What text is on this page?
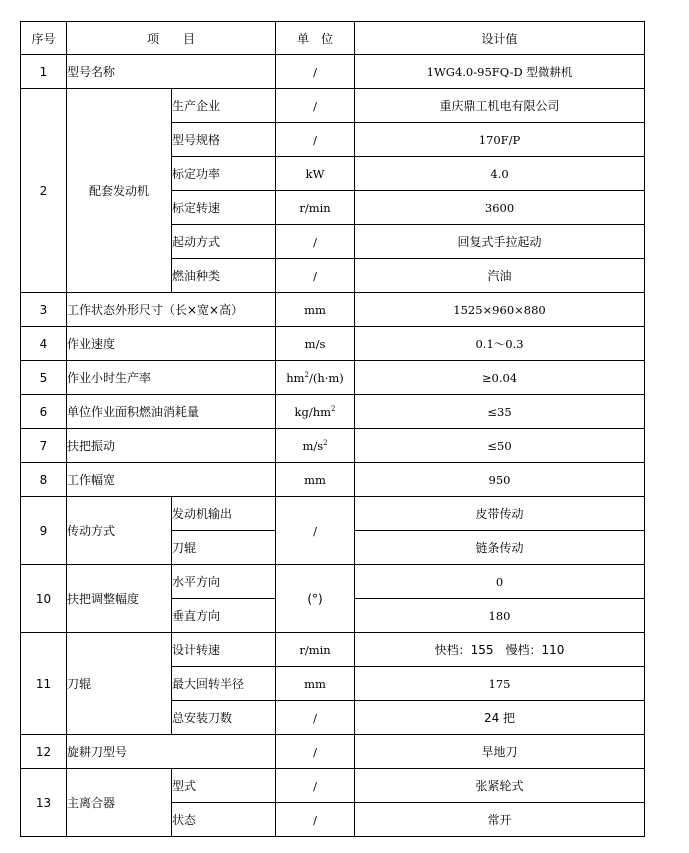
序号	项　　目		单　位	设计值
1	型号名称		/	1WG4.0-95FQ-D 型微耕机
2	配套发动机	生产企业	/	重庆鼎工机电有限公司
		型号规格	/	170F/P
		标定功率	kW	4.0
		标定转速	r/min	3600
		起动方式	/	回复式手拉起动
		燃油种类	/	汽油
3	工作状态外形尺寸（长×宽×高）		mm	1525×960×880
4	作业速度		m/s	0.1～0.3
5	作业小时生产率		$hm^2/(h\cdot m)$	≥0.04
6	单位作业面积燃油消耗量		$kg/hm^2$	≤35
7	扶把振动		$m/s^2$	≤50
8	工作幅宽		mm	950
9	传动方式	发动机输出	/	皮带传动
		刀辊		链条传动
10	扶把调整幅度	水平方向	(°)	0
		垂直方向		180
11	刀辊	设计转速	r/min	快档：155　慢档：110
		最大回转半径	mm	175
		总安装刀数	/	24 把
12	旋耕刀型号		/	旱地刀
13	主离合器	型式	/	张紧轮式
		状态	/	常开
